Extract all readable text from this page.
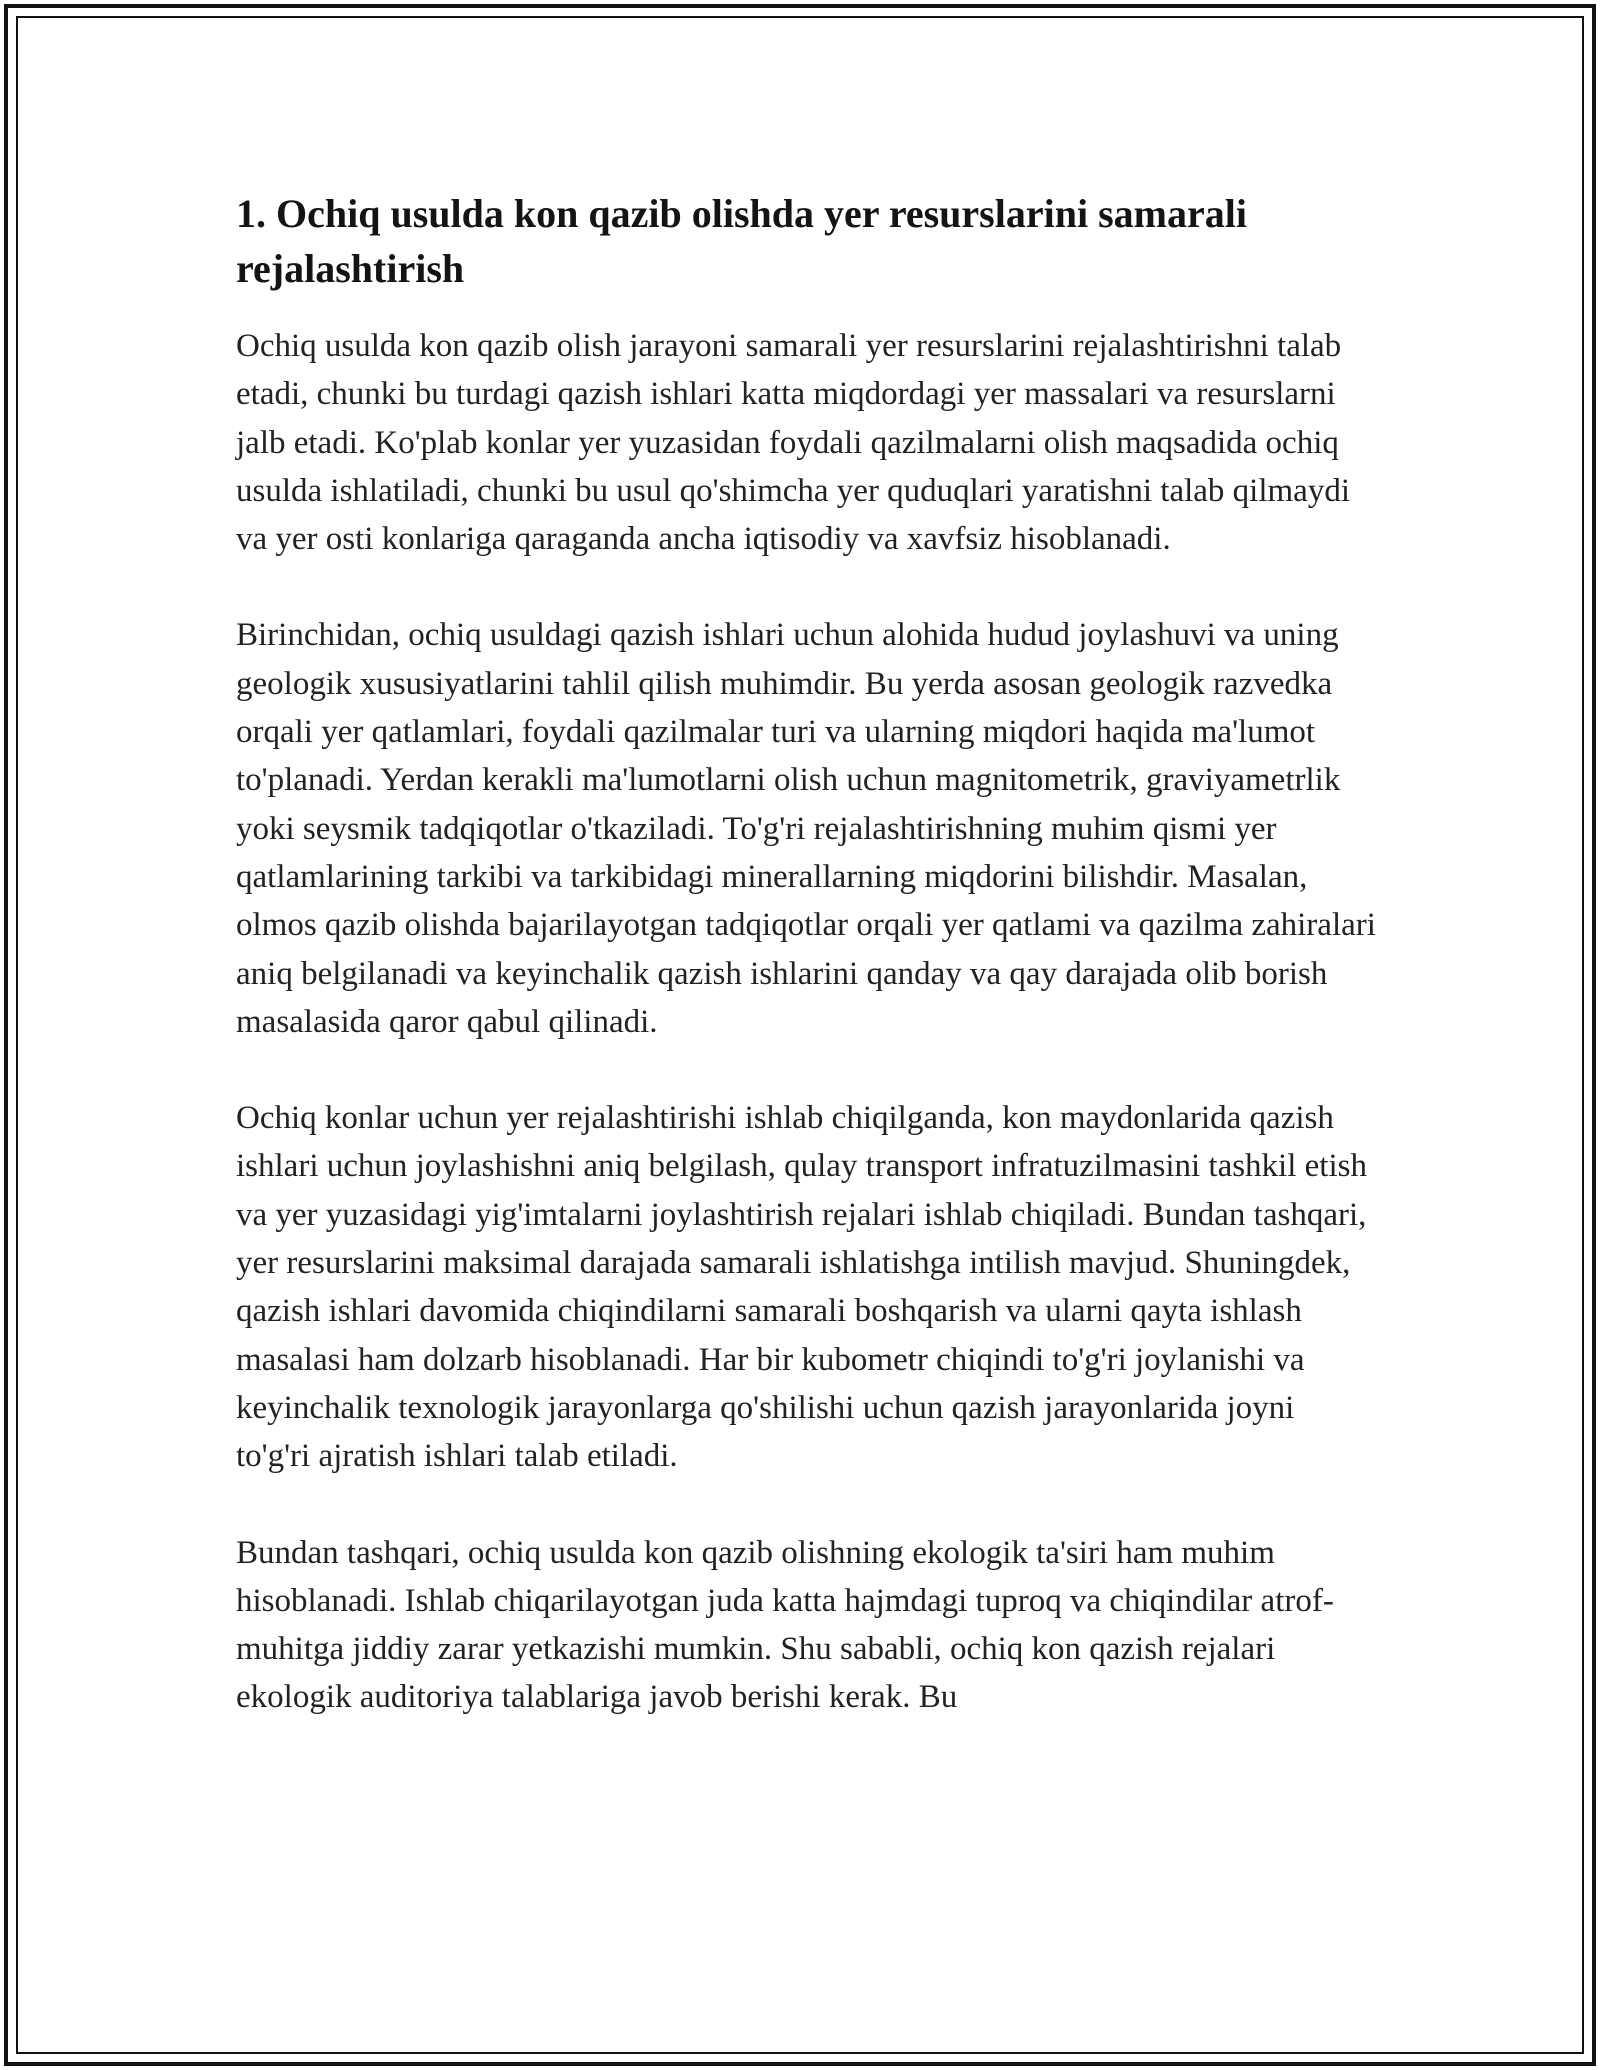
1. Ochiq usulda kon qazib olishda yer resurslarini samarali rejalashtirish

Ochiq usulda kon qazib olish jarayoni samarali yer resurslarini rejalashtirishni talab etadi, chunki bu turdagi qazish ishlari katta miqdordagi yer massalari va resurslarni jalb etadi. Ko'plab konlar yer yuzasidan foydali qazilmalarni olish maqsadida ochiq usulda ishlatiladi, chunki bu usul qo'shimcha yer quduqlari yaratishni talab qilmaydi va yer osti konlariga qaraganda ancha iqtisodiy va xavfsiz hisoblanadi.

Birinchidan, ochiq usuldagi qazish ishlari uchun alohida hudud joylashuvi va uning geologik xususiyatlarini tahlil qilish muhimdir. Bu yerda asosan geologik razvedka orqali yer qatlamlari, foydali qazilmalar turi va ularning miqdori haqida ma'lumot to'planadi. Yerdan kerakli ma'lumotlarni olish uchun magnitometrik, graviyametrlik yoki seysmik tadqiqotlar o'tkaziladi. To'g'ri rejalashtirishning muhim qismi yer qatlamlarining tarkibi va tarkibidagi minerallarning miqdorini bilishdir. Masalan, olmos qazib olishda bajarilayotgan tadqiqotlar orqali yer qatlami va qazilma zahiralari aniq belgilanadi va keyinchalik qazish ishlarini qanday va qay darajada olib borish masalasida qaror qabul qilinadi.

Ochiq konlar uchun yer rejalashtirishi ishlab chiqilganda, kon maydonlarida qazish ishlari uchun joylashishni aniq belgilash, qulay transport infratuzilmasini tashkil etish va yer yuzasidagi yig'imtalarni joylashtirish rejalari ishlab chiqiladi. Bundan tashqari, yer resurslarini maksimal darajada samarali ishlatishga intilish mavjud. Shuningdek, qazish ishlari davomida chiqindilarni samarali boshqarish va ularni qayta ishlash masalasi ham dolzarb hisoblanadi. Har bir kubometr chiqindi to'g'ri joylanishi va keyinchalik texnologik jarayonlarga qo'shilishi uchun qazish jarayonlarida joyni to'g'ri ajratish ishlari talab etiladi.

Bundan tashqari, ochiq usulda kon qazib olishning ekologik ta'siri ham muhim hisoblanadi. Ishlab chiqarilayotgan juda katta hajmdagi tuproq va chiqindilar atrof-muhitga jiddiy zarar yetkazishi mumkin. Shu sababli, ochiq kon qazish rejalari ekologik auditoriya talablariga javob berishi kerak. Bu
